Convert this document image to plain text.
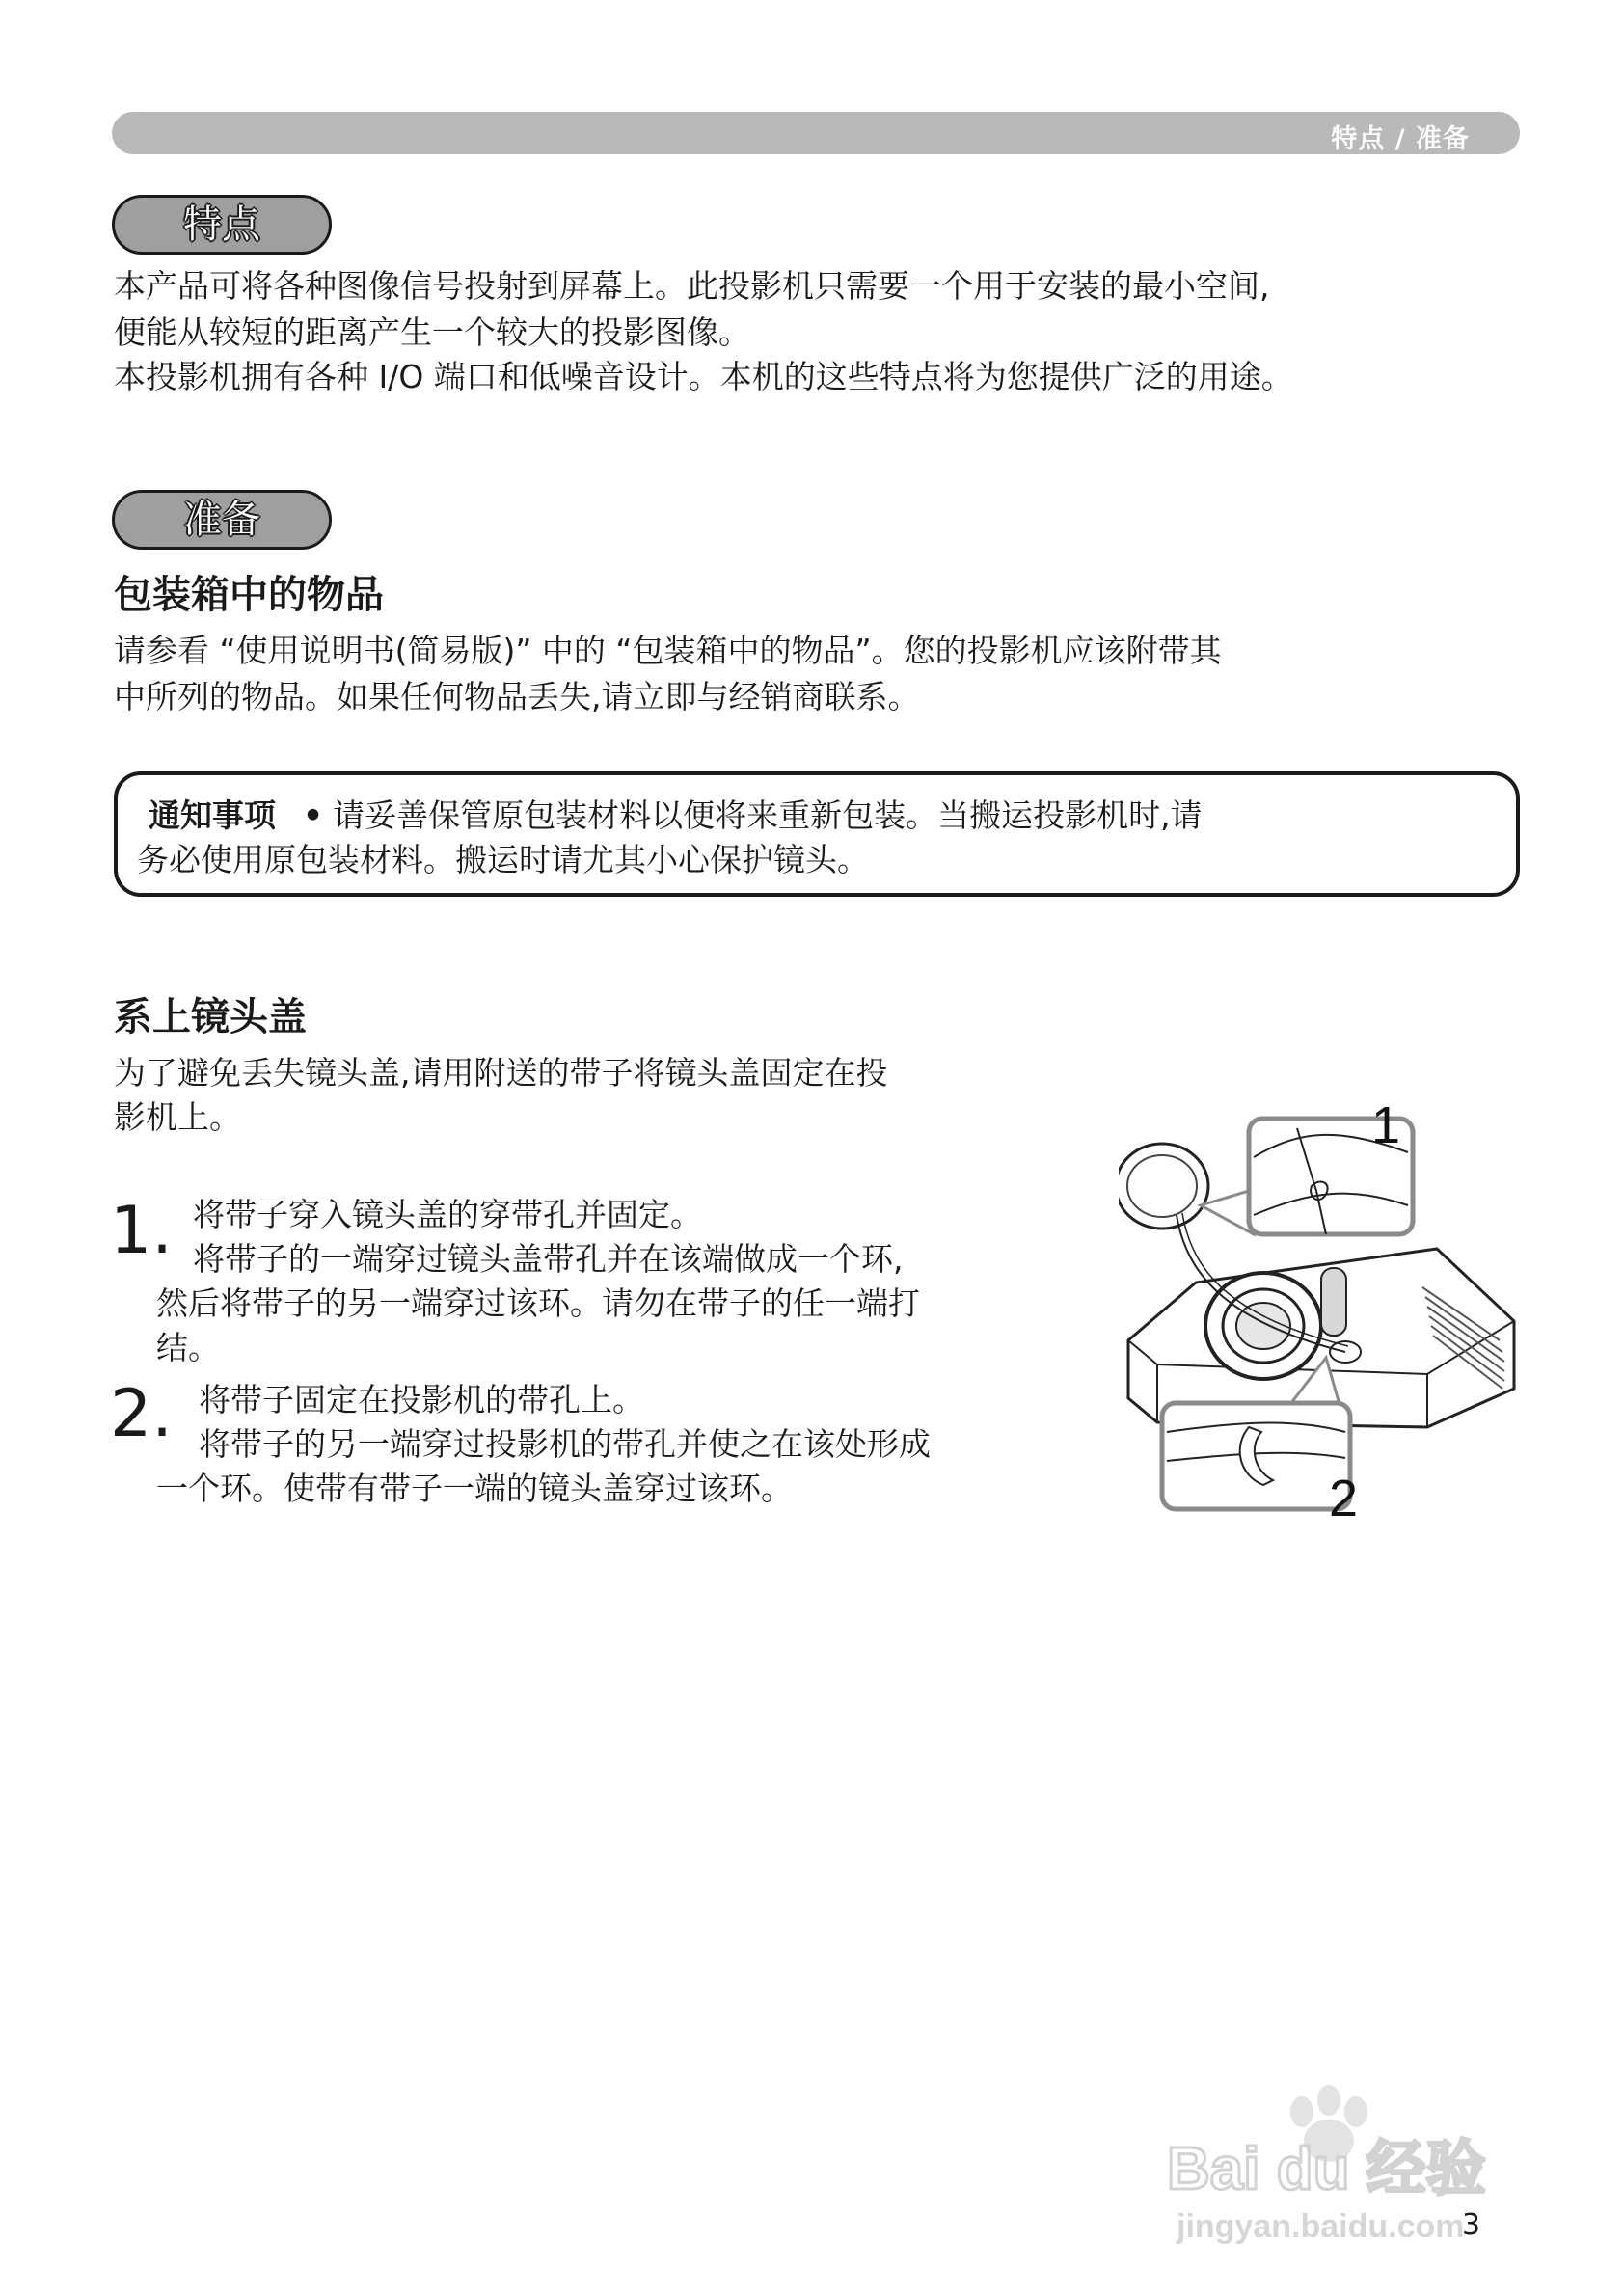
特点 / 准备
特点

本产品可将各种图像信号投射到屏幕上。此投影机只需要一个用于安装的最小空间,

便能从较短的距离产生一个较大的投影图像。

本投影机拥有各种 I/O 端口和低噪音设计。本机的这些特点将为您提供广泛的用途。

准备
包装箱中的物品

请参看 “使用说明书(简易版)” 中的 “包装箱中的物品”。您的投影机应该附带其

中所列的物品。如果任何物品丢失,请立即与经销商联系。

通知事项 • 请妥善保管原包装材料以便将来重新包装。当搬运投影机时,请
务必使用原包装材料。搬运时请尤其小心保护镜头。
系上镜头盖

为了避免丢失镜头盖,请用附送的带子将镜头盖固定在投

影机上。

1. 将带子穿入镜头盖的穿带孔并固定。

将带子的一端穿过镜头盖带孔并在该端做成一个环,

然后将带子的另一端穿过该环。请勿在带子的任一端打

结。

2. 将带子固定在投影机的带孔上。

将带子的另一端穿过投影机的带孔并使之在该处形成

一个环。使带有带子一端的镜头盖穿过该环。

1
2
Bai du 经验
jingyan.baidu.com
3
